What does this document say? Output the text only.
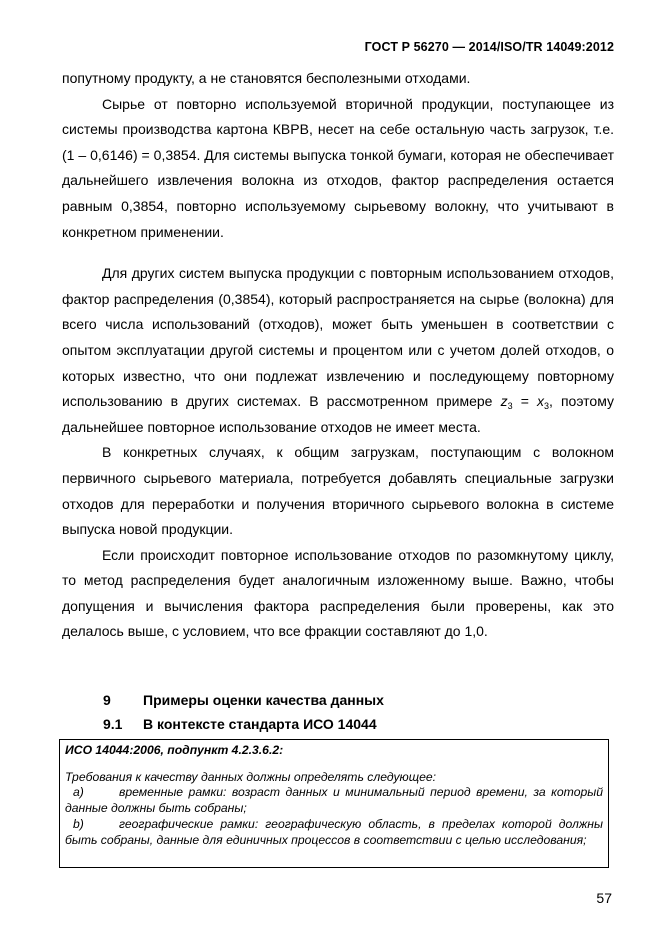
ГОСТ Р 56270 — 2014/ISO/TR 14049:2012

попутному продукту, а не становятся бесполезными отходами.

Сырье от повторно используемой вторичной продукции, поступающее из системы производства картона КВРВ, несет на себе остальную часть загрузок, т.е. (1 – 0,6146) = 0,3854. Для системы выпуска тонкой бумаги, которая не обеспечивает дальнейшего извлечения волокна из отходов, фактор распределения остается равным 0,3854, повторно используемому сырьевому волокну, что учитывают в конкретном применении.

Для других систем выпуска продукции с повторным использованием отходов, фактор распределения (0,3854), который распространяется на сырье (волокна) для всего числа использований (отходов), может быть уменьшен в соответствии с опытом эксплуатации другой системы и процентом или с учетом долей отходов, о которых известно, что они подлежат извлечению и последующему повторному использованию в других системах. В рассмотренном примере $z_3 = x_3$, поэтому дальнейшее повторное использование отходов не имеет места.

В конкретных случаях, к общим загрузкам, поступающим с волокном первичного сырьевого материала, потребуется добавлять специальные загрузки отходов для переработки и получения вторичного сырьевого волокна в системе выпуска новой продукции.

Если происходит повторное использование отходов по разомкнутому циклу, то метод распределения будет аналогичным изложенному выше. Важно, чтобы допущения и вычисления фактора распределения были проверены, как это делалось выше, с условием, что все фракции составляют до 1,0.

9 Примеры оценки качества данных
9.1 В контексте стандарта ИСО 14044

ИСО 14044:2006, подпункт 4.2.3.6.2:

Требования к качеству данных должны определять следующее:

a)	временные рамки: возраст данных и минимальный период времени, за который данные должны быть собраны;

b)	географические рамки: географическую область, в пределах которой должны быть собраны, данные для единичных процессов в соответствии с целью исследования;

57
